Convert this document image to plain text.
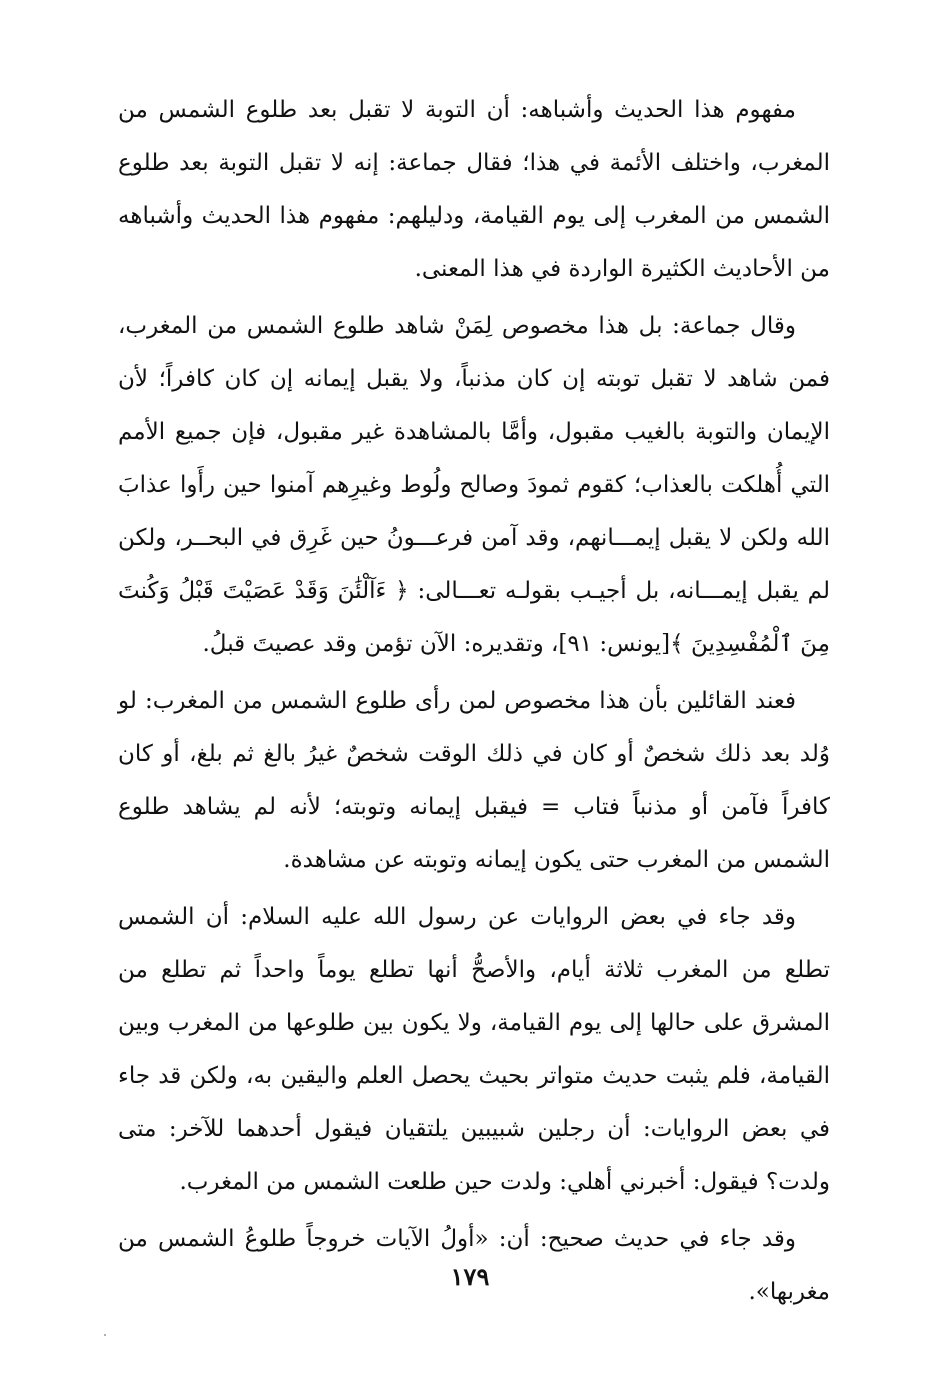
مفهوم هذا الحديث وأشباهه: أن التوبة لا تقبل بعد طلوع الشمس من المغرب، واختلف الأئمة في هذا؛ فقال جماعة: إنه لا تقبل التوبة بعد طلوع الشمس من المغرب إلى يوم القيامة، ودليلهم: مفهوم هذا الحديث وأشباهه من الأحاديث الكثيرة الواردة في هذا المعنى.

وقال جماعة: بل هذا مخصوص لِمَنْ شاهد طلوع الشمس من المغرب، فمن شاهد لا تقبل توبته إن كان مذنباً، ولا يقبل إيمانه إن كان كافراً؛ لأن الإيمان والتوبة بالغيب مقبول، وأمَّا بالمشاهدة غير مقبول، فإن جميع الأمم التي أُهلكت بالعذاب؛ كقوم ثمودَ وصالح ولُوط وغيرِهم آمنوا حين رأَوا عذابَ الله ولكن لا يقبل إيمـــانهم، وقد آمن فرعـــونُ حين غَرِق في البحــر، ولكن لم يقبل إيمـــانه، بل أجيـب بقولـه تعـــالى: ﴿ ءَآلْئَٰنَ وَقَدْ عَصَيْتَ قَبْلُ وَكُنتَ مِنَ ٱلْمُفْسِدِينَ ﴾[يونس: ٩١]، وتقديره: الآن تؤمن وقد عصيتَ قبلُ.

فعند القائلين بأن هذا مخصوص لمن رأى طلوع الشمس من المغرب: لو وُلد بعد ذلك شخصٌ أو كان في ذلك الوقت شخصٌ غيرُ بالغ ثم بلغ، أو كان كافراً فآمن أو مذنباً فتاب = فيقبل إيمانه وتوبته؛ لأنه لم يشاهد طلوع الشمس من المغرب حتى يكون إيمانه وتوبته عن مشاهدة.

وقد جاء في بعض الروايات عن رسول الله عليه السلام: أن الشمس تطلع من المغرب ثلاثة أيام، والأصحُّ أنها تطلع يوماً واحداً ثم تطلع من المشرق على حالها إلى يوم القيامة، ولا يكون بين طلوعها من المغرب وبين القيامة، فلم يثبت حديث متواتر بحيث يحصل العلم واليقين به، ولكن قد جاء في بعض الروايات: أن رجلين شبيبين يلتقيان فيقول أحدهما للآخر: متى ولدت؟ فيقول: أخبرني أهلي: ولدت حين طلعت الشمس من المغرب.

وقد جاء في حديث صحيح: أن: «أولُ الآيات خروجاً طلوعُ الشمس من مغربها».

١٧٩
